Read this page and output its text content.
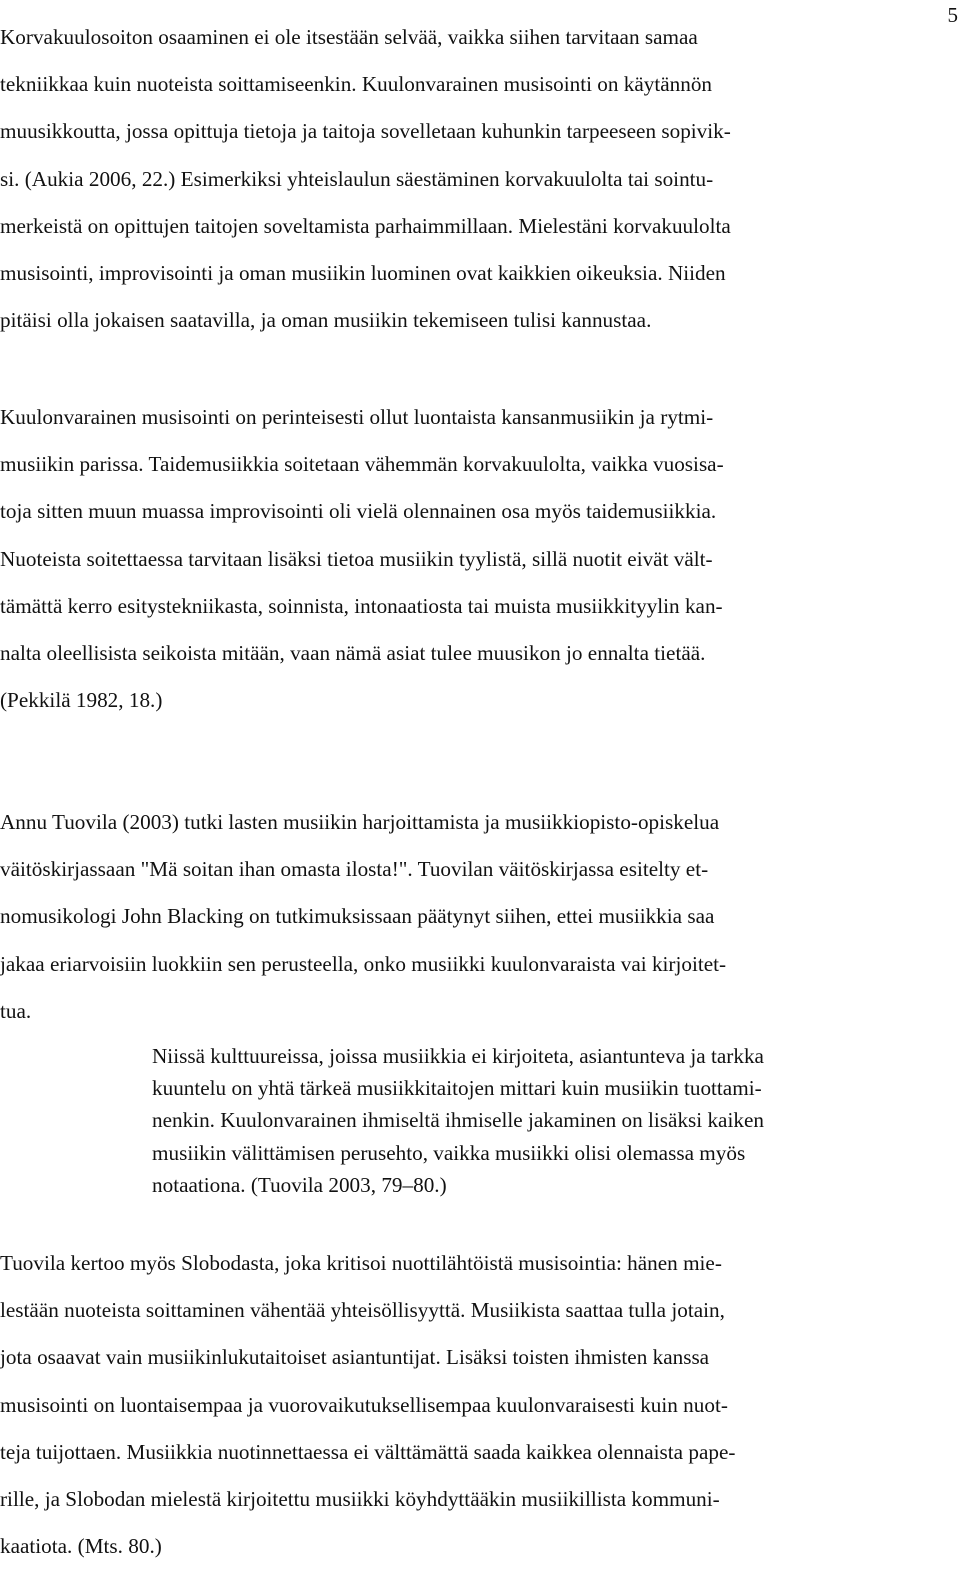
5

Korvakuulosoiton osaaminen ei ole itsestään selvää, vaikka siihen tarvitaan samaa
tekniikkaa kuin nuoteista soittamiseenkin. Kuulonvarainen musisointi on käytännön
muusikkoutta, jossa opittuja tietoja ja taitoja sovelletaan kuhunkin tarpeeseen sopivik-
si. (Aukia 2006, 22.) Esimerkiksi yhteislaulun säestäminen korvakuulolta tai sointu-
merkeistä on opittujen taitojen soveltamista parhaimmillaan. Mielestäni korvakuulolta
musisointi, improvisointi ja oman musiikin luominen ovat kaikkien oikeuksia. Niiden
pitäisi olla jokaisen saatavilla, ja oman musiikin tekemiseen tulisi kannustaa.

Kuulonvarainen musisointi on perinteisesti ollut luontaista kansanmusiikin ja rytmi-
musiikin parissa. Taidemusiikkia soitetaan vähemmän korvakuulolta, vaikka vuosisa-
toja sitten muun muassa improvisointi oli vielä olennainen osa myös taidemusiikkia.
Nuoteista soitettaessa tarvitaan lisäksi tietoa musiikin tyylistä, sillä nuotit eivät vält-
tämättä kerro esitystekniikasta, soinnista, intonaatiosta tai muista musiikkityylin kan-
nalta oleellisista seikoista mitään, vaan nämä asiat tulee muusikon jo ennalta tietää.
(Pekkilä 1982, 18.)

Annu Tuovila (2003) tutki lasten musiikin harjoittamista ja musiikkiopisto-opiskelua
väitöskirjassaan "Mä soitan ihan omasta ilosta!". Tuovilan väitöskirjassa esitelty et-
nomusikologi John Blacking on tutkimuksissaan päätynyt siihen, ettei musiikkia saa
jakaa eriarvoisiin luokkiin sen perusteella, onko musiikki kuulonvaraista vai kirjoitet-
tua.

Niissä kulttuureissa, joissa musiikkia ei kirjoiteta, asiantunteva ja tarkka
kuuntelu on yhtä tärkeä musiikkitaitojen mittari kuin musiikin tuottami-
nenkin. Kuulonvarainen ihmiseltä ihmiselle jakaminen on lisäksi kaiken
musiikin välittämisen perusehto, vaikka musiikki olisi olemassa myös
notaationa. (Tuovila 2003, 79–80.)

Tuovila kertoo myös Slobodasta, joka kritisoi nuottilähtöistä musisointia: hänen mie-
lestään nuoteista soittaminen vähentää yhteisöllisyyttä. Musiikista saattaa tulla jotain,
jota osaavat vain musiikinlukutaitoiset asiantuntijat. Lisäksi toisten ihmisten kanssa
musisointi on luontaisempaa ja vuorovaikutuksellisempaa kuulonvaraisesti kuin nuot-
teja tuijottaen. Musiikkia nuotinnettaessa ei välttämättä saada kaikkea olennaista pape-
rille, ja Slobodan mielestä kirjoitettu musiikki köyhdyttääkin musiikillista kommuni-
kaatiota. (Mts. 80.)
